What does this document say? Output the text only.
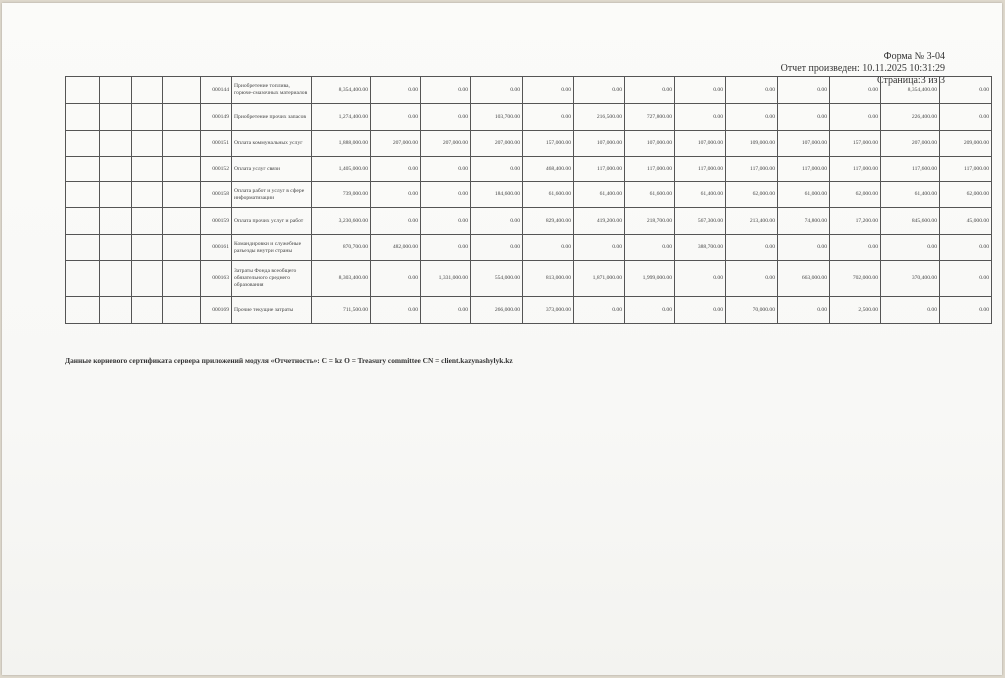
Форма № 3-04
Отчет произведен: 10.11.2025 10:31:29
Страница:3 из 3
				000144	Приобретение топлива, горюче-смазочных материалов	8,354,400.00	0.00	0.00	0.00	0.00	0.00	0.00	0.00	0.00	0.00	0.00	8,354,400.00	0.00
				000149	Приобретение прочих запасов	1,274,400.00	0.00	0.00	103,700.00	0.00	216,500.00	727,800.00	0.00	0.00	0.00	0.00	226,400.00	0.00
				000151	Оплата коммунальных услуг	1,888,000.00	207,000.00	207,000.00	207,000.00	157,000.00	107,000.00	107,000.00	107,000.00	109,000.00	107,000.00	157,000.00	207,000.00	209,000.00
				000152	Оплата услуг связи	1,405,000.00	0.00	0.00	0.00	468,400.00	117,000.00	117,000.00	117,000.00	117,000.00	117,000.00	117,000.00	117,600.00	117,000.00
				000158	Оплата работ и услуг в сфере информатизации	739,000.00	0.00	0.00	184,600.00	61,600.00	61,400.00	61,600.00	61,400.00	62,000.00	61,000.00	62,000.00	61,400.00	62,000.00
				000159	Оплата прочих услуг и работ	3,230,600.00	0.00	0.00	0.00	829,400.00	419,200.00	218,700.00	567,300.00	213,400.00	74,800.00	17,200.00	845,600.00	45,000.00
				000161	Командировки и служебные разъезды внутри страны	870,700.00	482,000.00	0.00	0.00	0.00	0.00	0.00	388,700.00	0.00	0.00	0.00	0.00	0.00
				000163	Затраты Фонда всеобщего обязательного среднего образования	8,303,400.00	0.00	1,331,000.00	554,000.00	813,000.00	1,871,000.00	1,999,000.00	0.00	0.00	663,000.00	702,000.00	370,400.00	0.00
				000169	Прочие текущие затраты	711,500.00	0.00	0.00	266,000.00	373,000.00	0.00	0.00	0.00	70,000.00	0.00	2,500.00	0.00	0.00
Данные корневого сертификата сервера приложений модуля «Отчетность»: C = kz O = Treasury committee CN = client.kazynashylyk.kz
